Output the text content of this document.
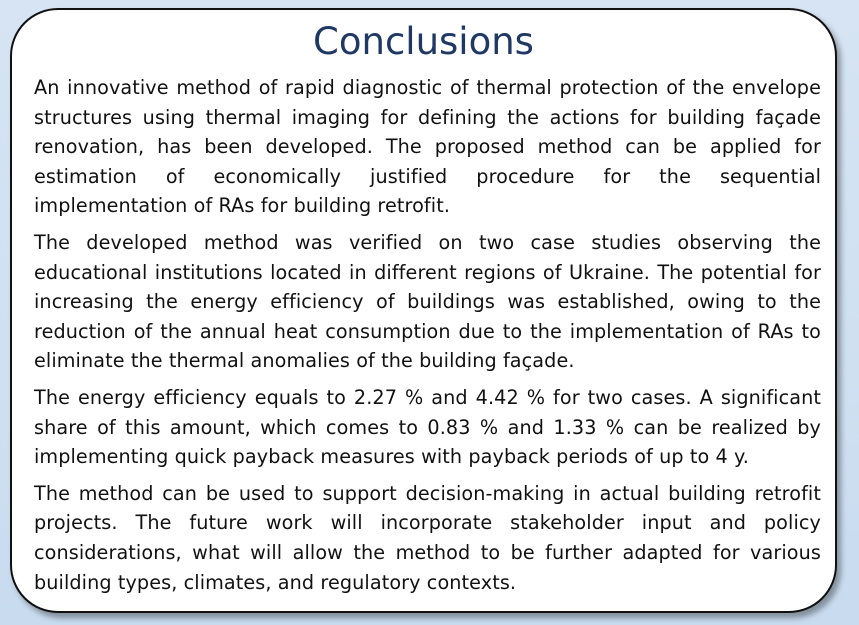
Conclusions

An innovative method of rapid diagnostic of thermal protection of the envelope structures using thermal imaging for defining the actions for building façade renovation, has been developed. The proposed method can be applied for estimation of economically justified procedure for the sequential implementation of RAs for building retrofit.

The developed method was verified on two case studies observing the educational institutions located in different regions of Ukraine. The potential for increasing the energy efficiency of buildings was established, owing to the reduction of the annual heat consumption due to the implementation of RAs to eliminate the thermal anomalies of the building façade.

The energy efficiency equals to 2.27 % and 4.42 % for two cases. A significant share of this amount, which comes to 0.83 % and 1.33 % can be realized by implementing quick payback measures with payback periods of up to 4 y.

The method can be used to support decision-making in actual building retrofit projects. The future work will incorporate stakeholder input and policy considerations, what will allow the method to be further adapted for various building types, climates, and regulatory contexts.
